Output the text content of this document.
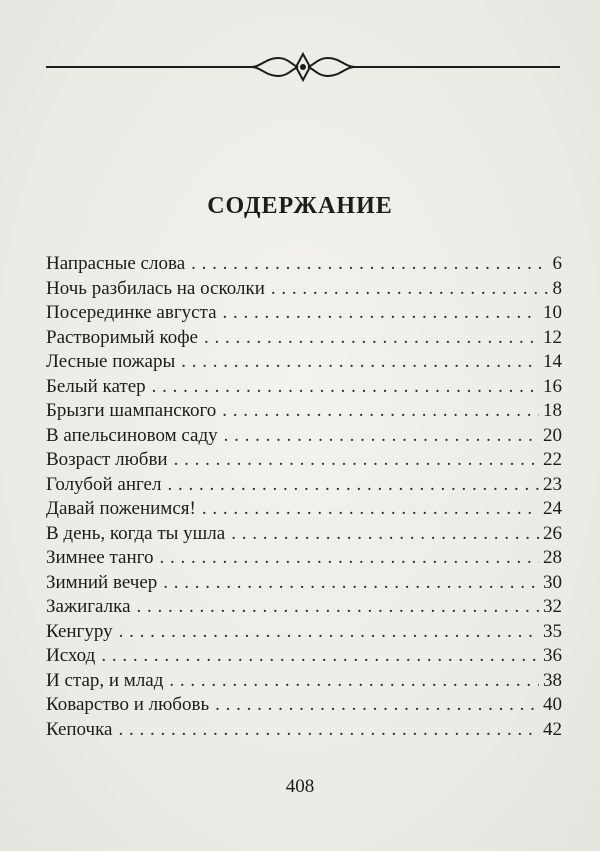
СОДЕРЖАНИЕ
Напрасные слова . . .	6
Ночь разбилась на осколки . . .	8
Посерединке августа . . .	10
Растворимый кофе . . .	12
Лесные пожары . . .	14
Белый катер . . .	16
Брызги шампанского . . .	18
В апельсиновом саду . . .	20
Возраст любви . . .	22
Голубой ангел . . .	23
Давай поженимся! . . .	24
В день, когда ты ушла . . .	26
Зимнее танго . . .	28
Зимний вечер . . .	30
Зажигалка . . .	32
Кенгуру . . .	35
Исход . . .	36
И стар, и млад . . .	38
Коварство и любовь . . .	40
Кепочка . . .	42
408
